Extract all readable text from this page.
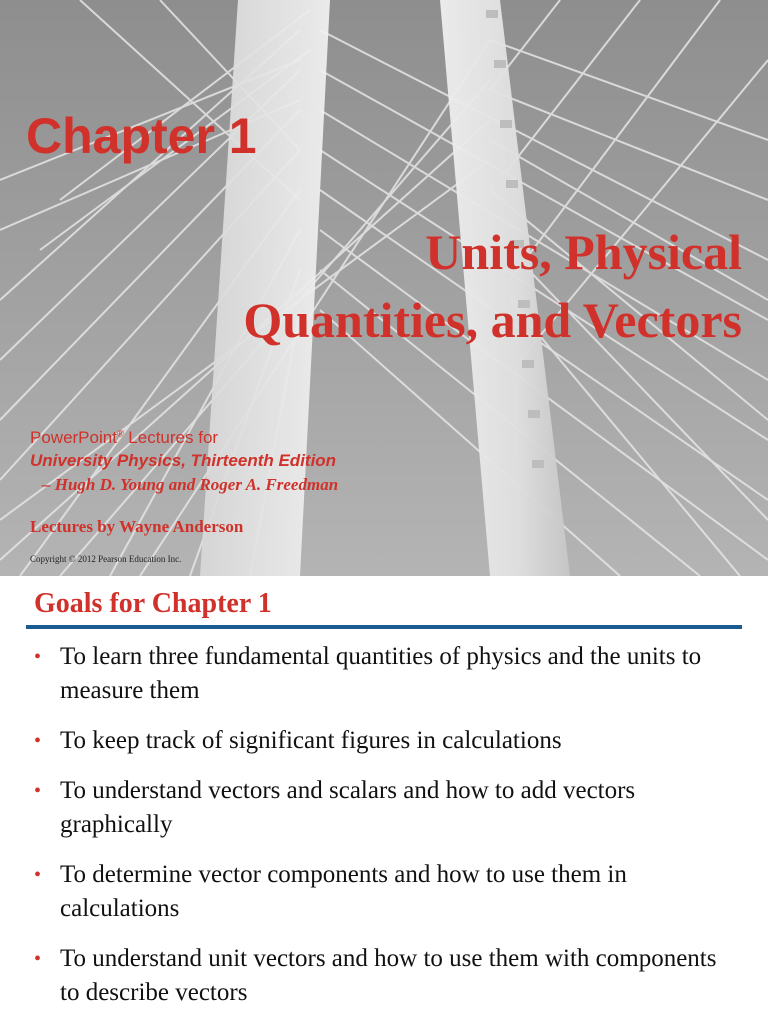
Chapter 1
Units, Physical
Quantities, and Vectors

PowerPoint® Lectures for

University Physics, Thirteenth Edition

– Hugh D. Young and Roger A. Freedman

Lectures by Wayne Anderson

Copyright © 2012 Pearson Education Inc.

Goals for Chapter 1
• To learn three fundamental quantities of physics and the units to measure them
• To keep track of significant figures in calculations
• To understand vectors and scalars and how to add vectors graphically
• To determine vector components and how to use them in calculations
• To understand unit vectors and how to use them with components to describe vectors
